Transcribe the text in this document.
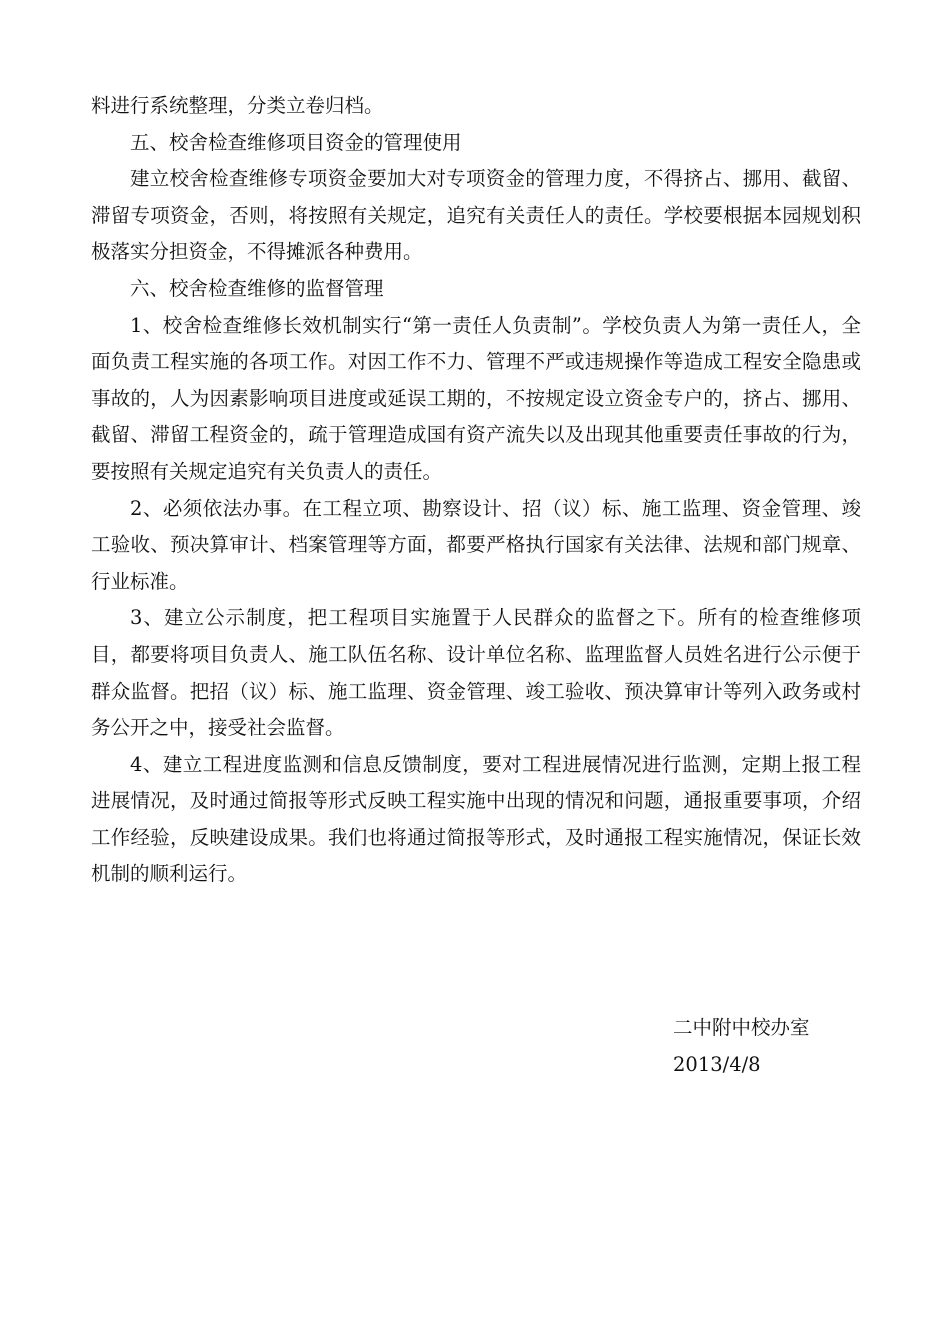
料进行系统整理，分类立卷归档。

五、校舍检查维修项目资金的管理使用

建立校舍检查维修专项资金要加大对专项资金的管理力度，不得挤占、挪用、截留、滞留专项资金，否则，将按照有关规定，追究有关责任人的责任。学校要根据本园规划积极落实分担资金，不得摊派各种费用。

六、校舍检查维修的监督管理

1、校舍检查维修长效机制实行“第一责任人负责制”。学校负责人为第一责任人，全面负责工程实施的各项工作。对因工作不力、管理不严或违规操作等造成工程安全隐患或事故的，人为因素影响项目进度或延误工期的，不按规定设立资金专户的，挤占、挪用、截留、滞留工程资金的，疏于管理造成国有资产流失以及出现其他重要责任事故的行为，要按照有关规定追究有关负责人的责任。

2、必须依法办事。在工程立项、勘察设计、招（议）标、施工监理、资金管理、竣工验收、预决算审计、档案管理等方面，都要严格执行国家有关法律、法规和部门规章、行业标准。

3、建立公示制度，把工程项目实施置于人民群众的监督之下。所有的检查维修项目，都要将项目负责人、施工队伍名称、设计单位名称、监理监督人员姓名进行公示便于群众监督。把招（议）标、施工监理、资金管理、竣工验收、预决算审计等列入政务或村务公开之中，接受社会监督。

4、建立工程进度监测和信息反馈制度，要对工程进展情况进行监测，定期上报工程进展情况，及时通过简报等形式反映工程实施中出现的情况和问题，通报重要事项，介绍工作经验，反映建设成果。我们也将通过简报等形式，及时通报工程实施情况，保证长效机制的顺利运行。

二中附中校办室

2013/4/8
